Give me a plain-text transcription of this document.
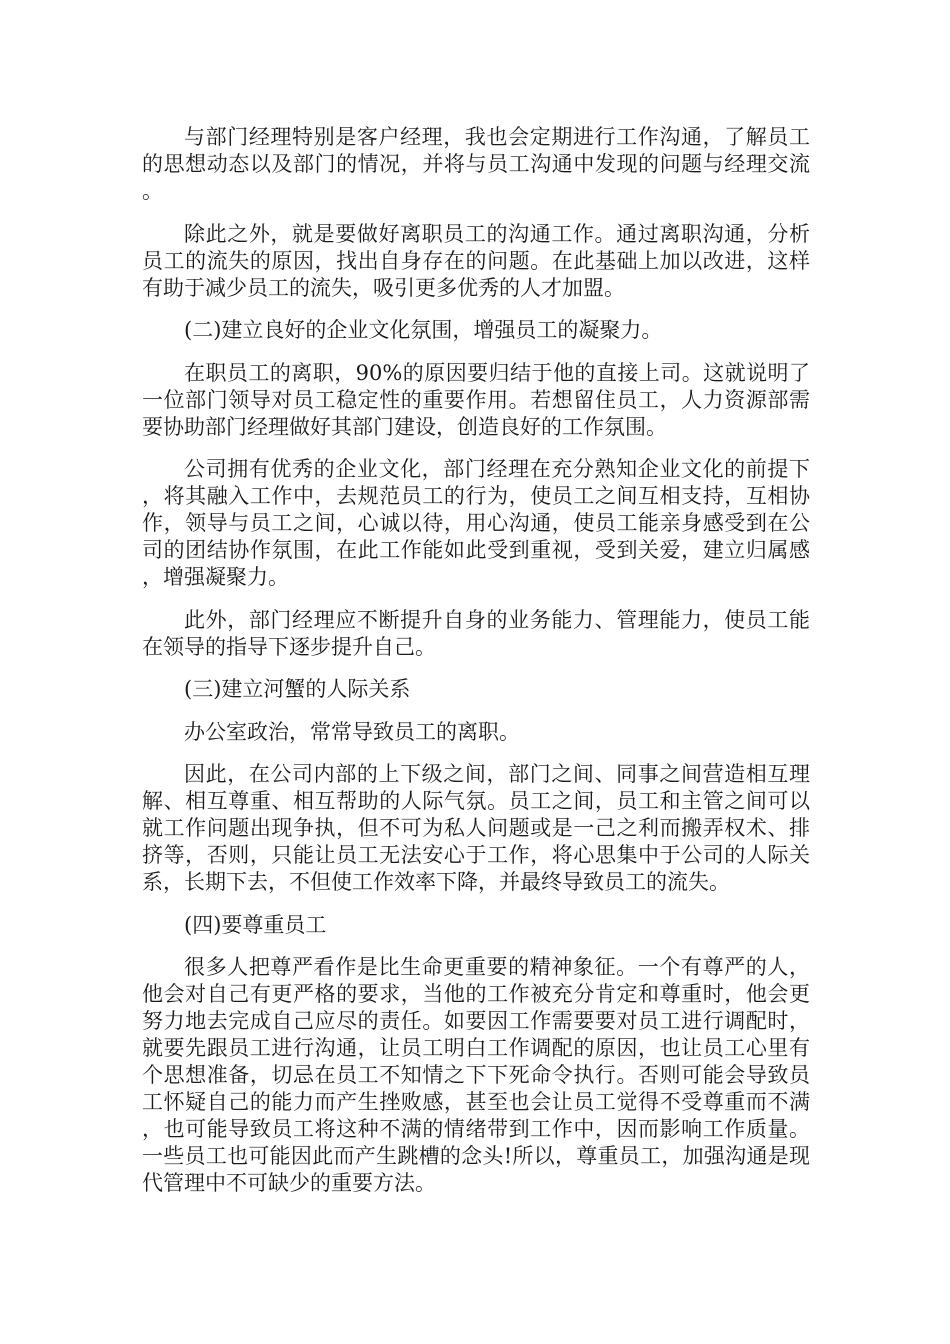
与部门经理特别是客户经理，我也会定期进行工作沟通，了解员工的思想动态以及部门的情况，并将与员工沟通中发现的问题与经理交流。

除此之外，就是要做好离职员工的沟通工作。通过离职沟通，分析员工的流失的原因，找出自身存在的问题。在此基础上加以改进，这样有助于减少员工的流失，吸引更多优秀的人才加盟。

(二)建立良好的企业文化氛围，增强员工的凝聚力。

在职员工的离职，90%的原因要归结于他的直接上司。这就说明了一位部门领导对员工稳定性的重要作用。若想留住员工，人力资源部需要协助部门经理做好其部门建设，创造良好的工作氛围。

公司拥有优秀的企业文化，部门经理在充分熟知企业文化的前提下，将其融入工作中，去规范员工的行为，使员工之间互相支持，互相协作，领导与员工之间，心诚以待，用心沟通，使员工能亲身感受到在公司的团结协作氛围，在此工作能如此受到重视，受到关爱，建立归属感，增强凝聚力。

此外，部门经理应不断提升自身的业务能力、管理能力，使员工能在领导的指导下逐步提升自己。

(三)建立河蟹的人际关系

办公室政治，常常导致员工的离职。

因此，在公司内部的上下级之间，部门之间、同事之间营造相互理解、相互尊重、相互帮助的人际气氛。员工之间，员工和主管之间可以就工作问题出现争执，但不可为私人问题或是一己之利而搬弄权术、排挤等，否则，只能让员工无法安心于工作，将心思集中于公司的人际关系，长期下去，不但使工作效率下降，并最终导致员工的流失。

(四)要尊重员工

很多人把尊严看作是比生命更重要的精神象征。一个有尊严的人，他会对自己有更严格的要求，当他的工作被充分肯定和尊重时，他会更努力地去完成自己应尽的责任。如要因工作需要要对员工进行调配时，就要先跟员工进行沟通，让员工明白工作调配的原因，也让员工心里有个思想准备，切忌在员工不知情之下下死命令执行。否则可能会导致员工怀疑自己的能力而产生挫败感，甚至也会让员工觉得不受尊重而不满，也可能导致员工将这种不满的情绪带到工作中，因而影响工作质量。一些员工也可能因此而产生跳槽的念头!所以，尊重员工，加强沟通是现代管理中不可缺少的重要方法。
